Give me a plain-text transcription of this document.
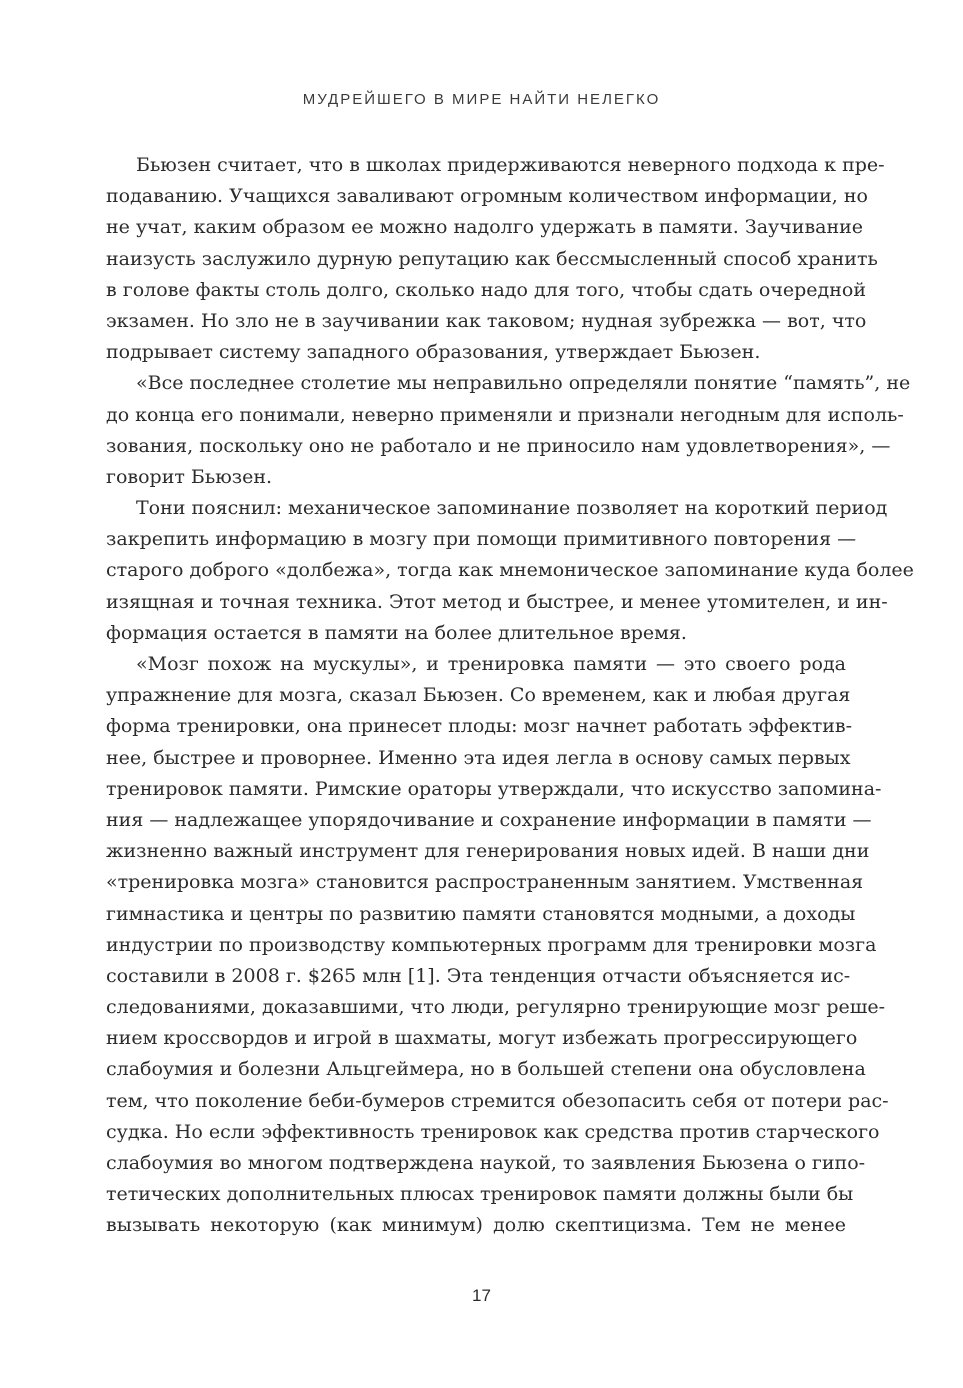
МУДРЕЙШЕГО В МИРЕ НАЙТИ НЕЛЕГКО
Бьюзен считает, что в школах придерживаются неверного подхода к пре-
подаванию. Учащихся заваливают огромным количеством информации, но
не учат, каким образом ее можно надолго удержать в памяти. Заучивание
наизусть заслужило дурную репутацию как бессмысленный способ хранить
в голове факты столь долго, сколько надо для того, чтобы сдать очередной
экзамен. Но зло не в заучивании как таковом; нудная зубрежка — вот, что
подрывает систему западного образования, утверждает Бьюзен.
«Все последнее столетие мы неправильно определяли понятие “память”, не
до конца его понимали, неверно применяли и признали негодным для исполь-
зования, поскольку оно не работало и не приносило нам удовлетворения», —
говорит Бьюзен.
Тони пояснил: механическое запоминание позволяет на короткий период
закрепить информацию в мозгу при помощи примитивного повторения —
старого доброго «долбежа», тогда как мнемоническое запоминание куда более
изящная и точная техника. Этот метод и быстрее, и менее утомителен, и ин-
формация остается в памяти на более длительное время.
«Мозг похож на мускулы», и тренировка памяти — это своего рода
упражнение для мозга, сказал Бьюзен. Со временем, как и любая другая
форма тренировки, она принесет плоды: мозг начнет работать эффектив-
нее, быстрее и проворнее. Именно эта идея легла в основу самых первых
тренировок памяти. Римские ораторы утверждали, что искусство запомина-
ния — надлежащее упорядочивание и сохранение информации в памяти —
жизненно важный инструмент для генерирования новых идей. В наши дни
«тренировка мозга» становится распространенным занятием. Умственная
гимнастика и центры по развитию памяти становятся модными, а доходы
индустрии по производству компьютерных программ для тренировки мозга
составили в 2008 г. $265 млн [1]. Эта тенденция отчасти объясняется ис-
следованиями, доказавшими, что люди, регулярно тренирующие мозг реше-
нием кроссвордов и игрой в шахматы, могут избежать прогрессирующего
слабоумия и болезни Альцгеймера, но в большей степени она обусловлена
тем, что поколение беби-бумеров стремится обезопасить себя от потери рас-
судка. Но если эффективность тренировок как средства против старческого
слабоумия во многом подтверждена наукой, то заявления Бьюзена о гипо-
тетических дополнительных плюсах тренировок памяти должны были бы
вызывать некоторую (как минимум) долю скептицизма. Тем не менее
17
